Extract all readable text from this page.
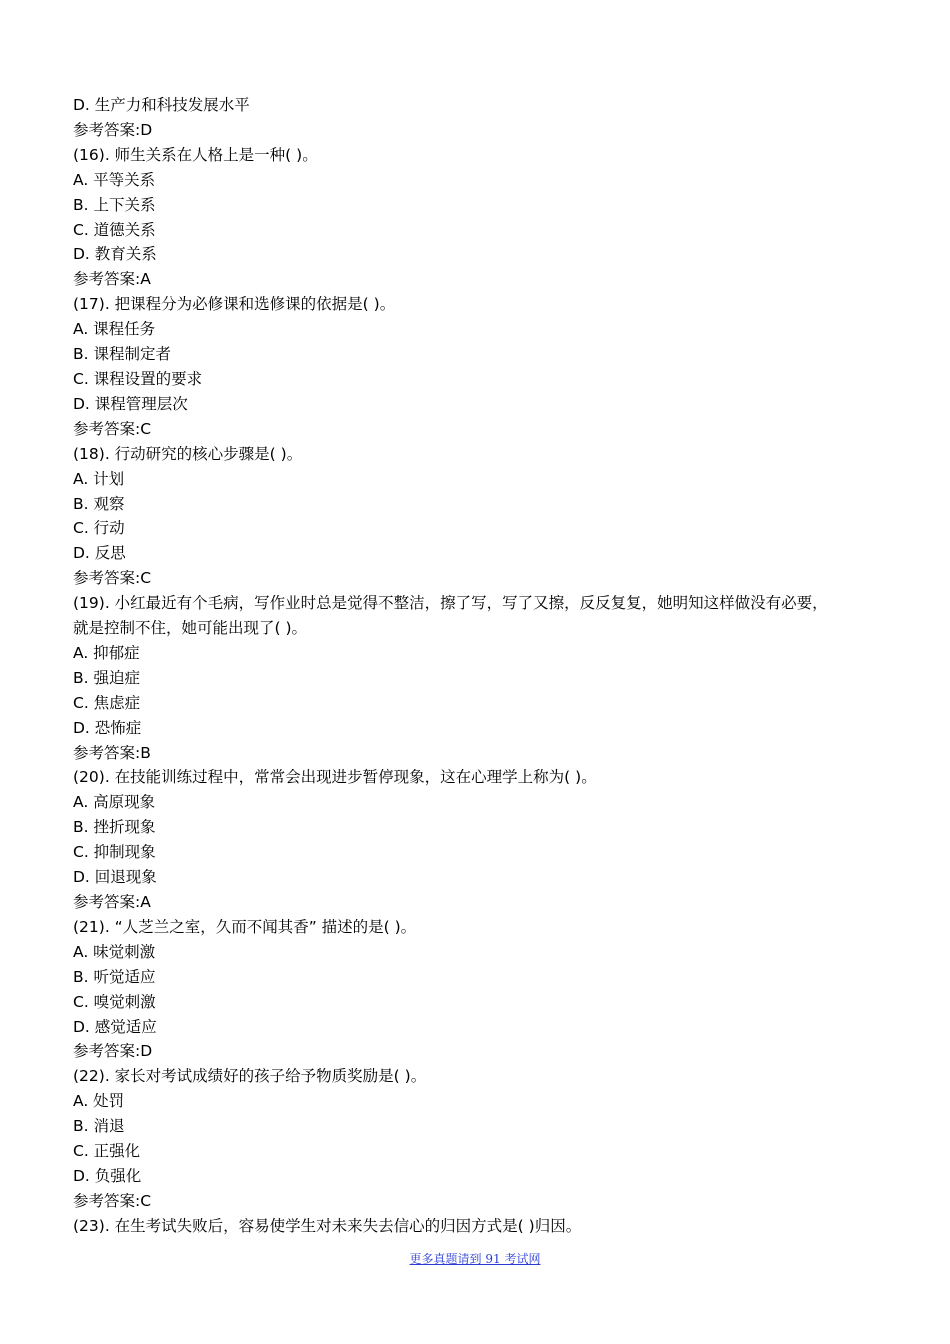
D. 生产力和科技发展水平
参考答案:D
(16). 师生关系在人格上是一种( )。
A. 平等关系
B. 上下关系
C. 道德关系
D. 教育关系
参考答案:A
(17). 把课程分为必修课和选修课的依据是( )。
A. 课程任务
B. 课程制定者
C. 课程设置的要求
D. 课程管理层次
参考答案:C
(18). 行动研究的核心步骤是( )。
A. 计划
B. 观察
C. 行动
D. 反思
参考答案:C
(19). 小红最近有个毛病，写作业时总是觉得不整洁，擦了写，写了又擦，反反复复，她明知这样做没有必要，
就是控制不住，她可能出现了( )。
A. 抑郁症
B. 强迫症
C. 焦虑症
D. 恐怖症
参考答案:B
(20). 在技能训练过程中，常常会出现进步暂停现象，这在心理学上称为( )。
A. 高原现象
B. 挫折现象
C. 抑制现象
D. 回退现象
参考答案:A
(21). “人芝兰之室，久而不闻其香” 描述的是( )。
A. 味觉刺激
B. 听觉适应
C. 嗅觉刺激
D. 感觉适应
参考答案:D
(22). 家长对考试成绩好的孩子给予物质奖励是( )。
A. 处罚
B. 消退
C. 正强化
D. 负强化
参考答案:C
(23). 在生考试失败后，容易使学生对未来失去信心的归因方式是( )归因。
更多真题请到 91 考试网
